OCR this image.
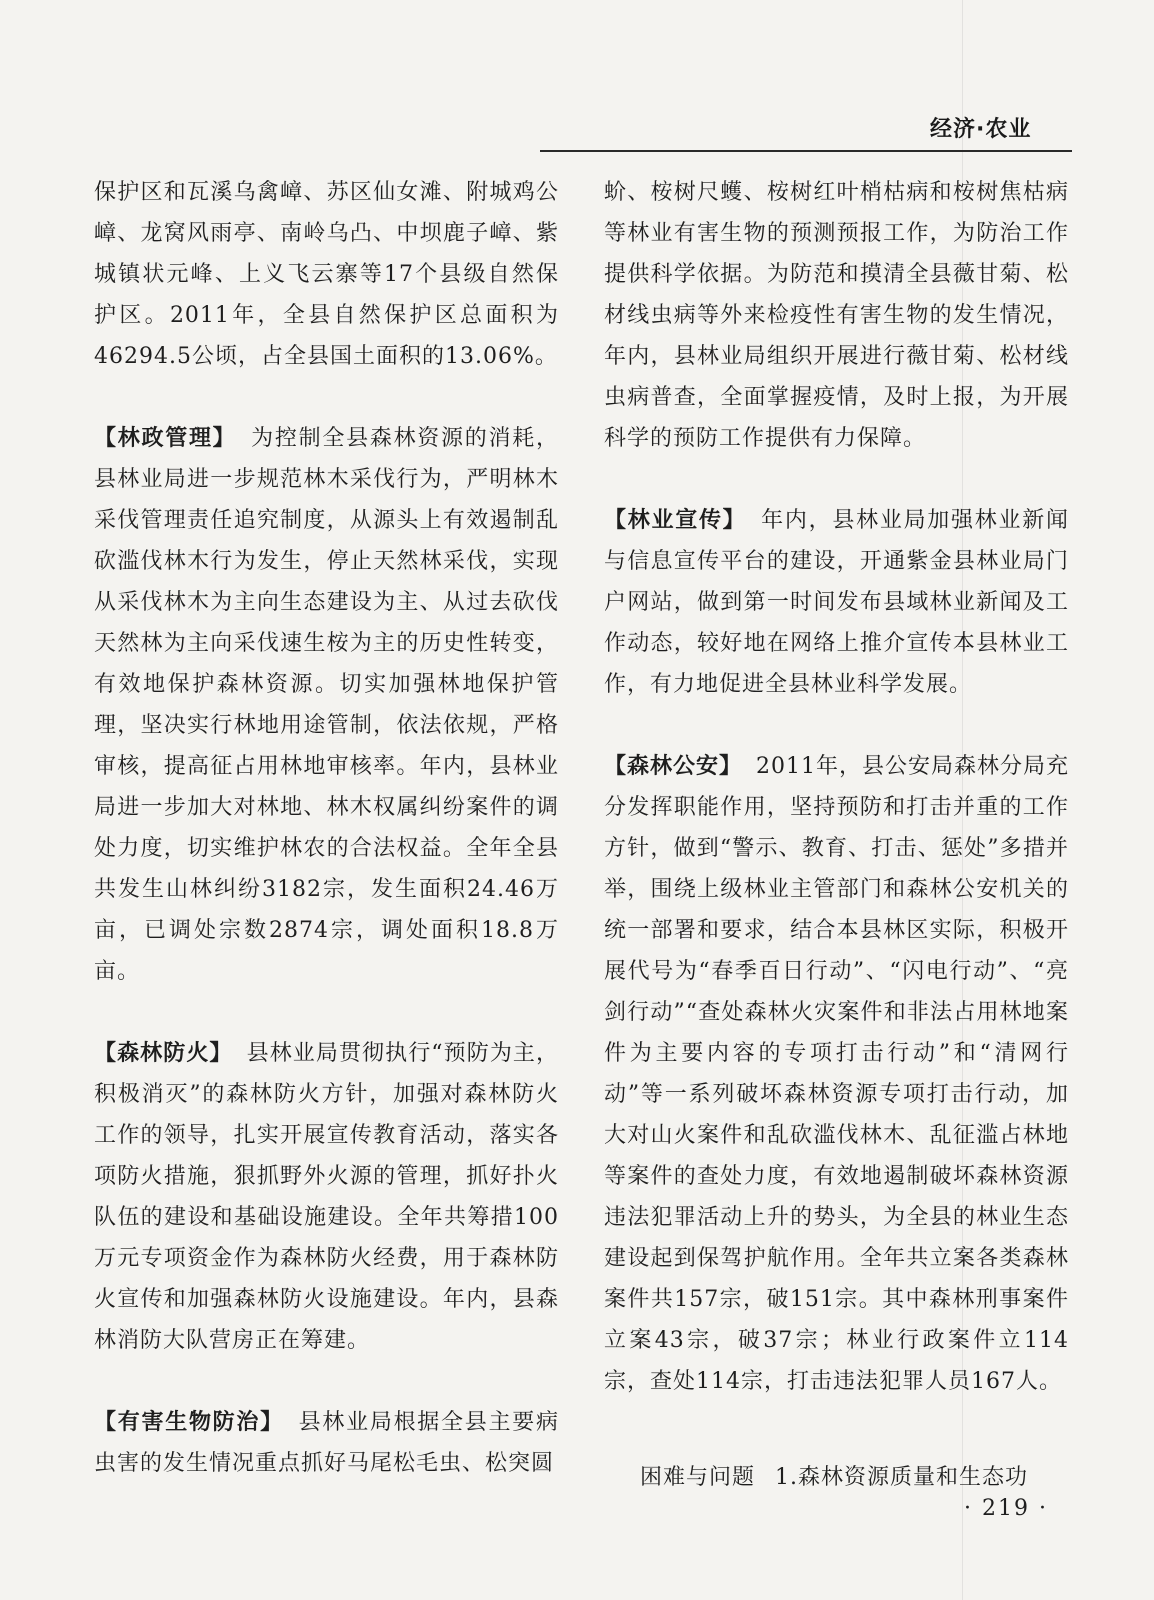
经济·农业

保护区和瓦溪乌禽嶂、苏区仙女滩、附城鸡公嶂、龙窝风雨亭、南岭乌凸、中坝鹿子嶂、紫城镇状元峰、上义飞云寨等17个县级自然保护区。2011年，全县自然保护区总面积为46294.5公顷，占全县国土面积的13.06%。

【林政管理】 为控制全县森林资源的消耗，县林业局进一步规范林木采伐行为，严明林木采伐管理责任追究制度，从源头上有效遏制乱砍滥伐林木行为发生，停止天然林采伐，实现从采伐林木为主向生态建设为主、从过去砍伐天然林为主向采伐速生桉为主的历史性转变，有效地保护森林资源。切实加强林地保护管理，坚决实行林地用途管制，依法依规，严格审核，提高征占用林地审核率。年内，县林业局进一步加大对林地、林木权属纠纷案件的调处力度，切实维护林农的合法权益。全年全县共发生山林纠纷3182宗，发生面积24.46万亩，已调处宗数2874宗，调处面积18.8万亩。

【森林防火】 县林业局贯彻执行“预防为主，积极消灭”的森林防火方针，加强对森林防火工作的领导，扎实开展宣传教育活动，落实各项防火措施，狠抓野外火源的管理，抓好扑火队伍的建设和基础设施建设。全年共筹措100万元专项资金作为森林防火经费，用于森林防火宣传和加强森林防火设施建设。年内，县森林消防大队营房正在筹建。

【有害生物防治】 县林业局根据全县主要病虫害的发生情况重点抓好马尾松毛虫、松突圆

蚧、桉树尺蠖、桉树红叶梢枯病和桉树焦枯病等林业有害生物的预测预报工作，为防治工作提供科学依据。为防范和摸清全县薇甘菊、松材线虫病等外来检疫性有害生物的发生情况，年内，县林业局组织开展进行薇甘菊、松材线虫病普查，全面掌握疫情，及时上报，为开展科学的预防工作提供有力保障。

【林业宣传】 年内，县林业局加强林业新闻与信息宣传平台的建设，开通紫金县林业局门户网站，做到第一时间发布县域林业新闻及工作动态，较好地在网络上推介宣传本县林业工作，有力地促进全县林业科学发展。

【森林公安】 2011年，县公安局森林分局充分发挥职能作用，坚持预防和打击并重的工作方针，做到“警示、教育、打击、惩处”多措并举，围绕上级林业主管部门和森林公安机关的统一部署和要求，结合本县林区实际，积极开展代号为“春季百日行动”、“闪电行动”、“亮剑行动”“查处森林火灾案件和非法占用林地案件为主要内容的专项打击行动”和“清网行动”等一系列破坏森林资源专项打击行动，加大对山火案件和乱砍滥伐林木、乱征滥占林地等案件的查处力度，有效地遏制破坏森林资源违法犯罪活动上升的势头，为全县的林业生态建设起到保驾护航作用。全年共立案各类森林案件共157宗，破151宗。其中森林刑事案件立案43宗，破37宗；林业行政案件立114宗，查处114宗，打击违法犯罪人员167人。

困难与问题 1.森林资源质量和生态功
· 219 ·
